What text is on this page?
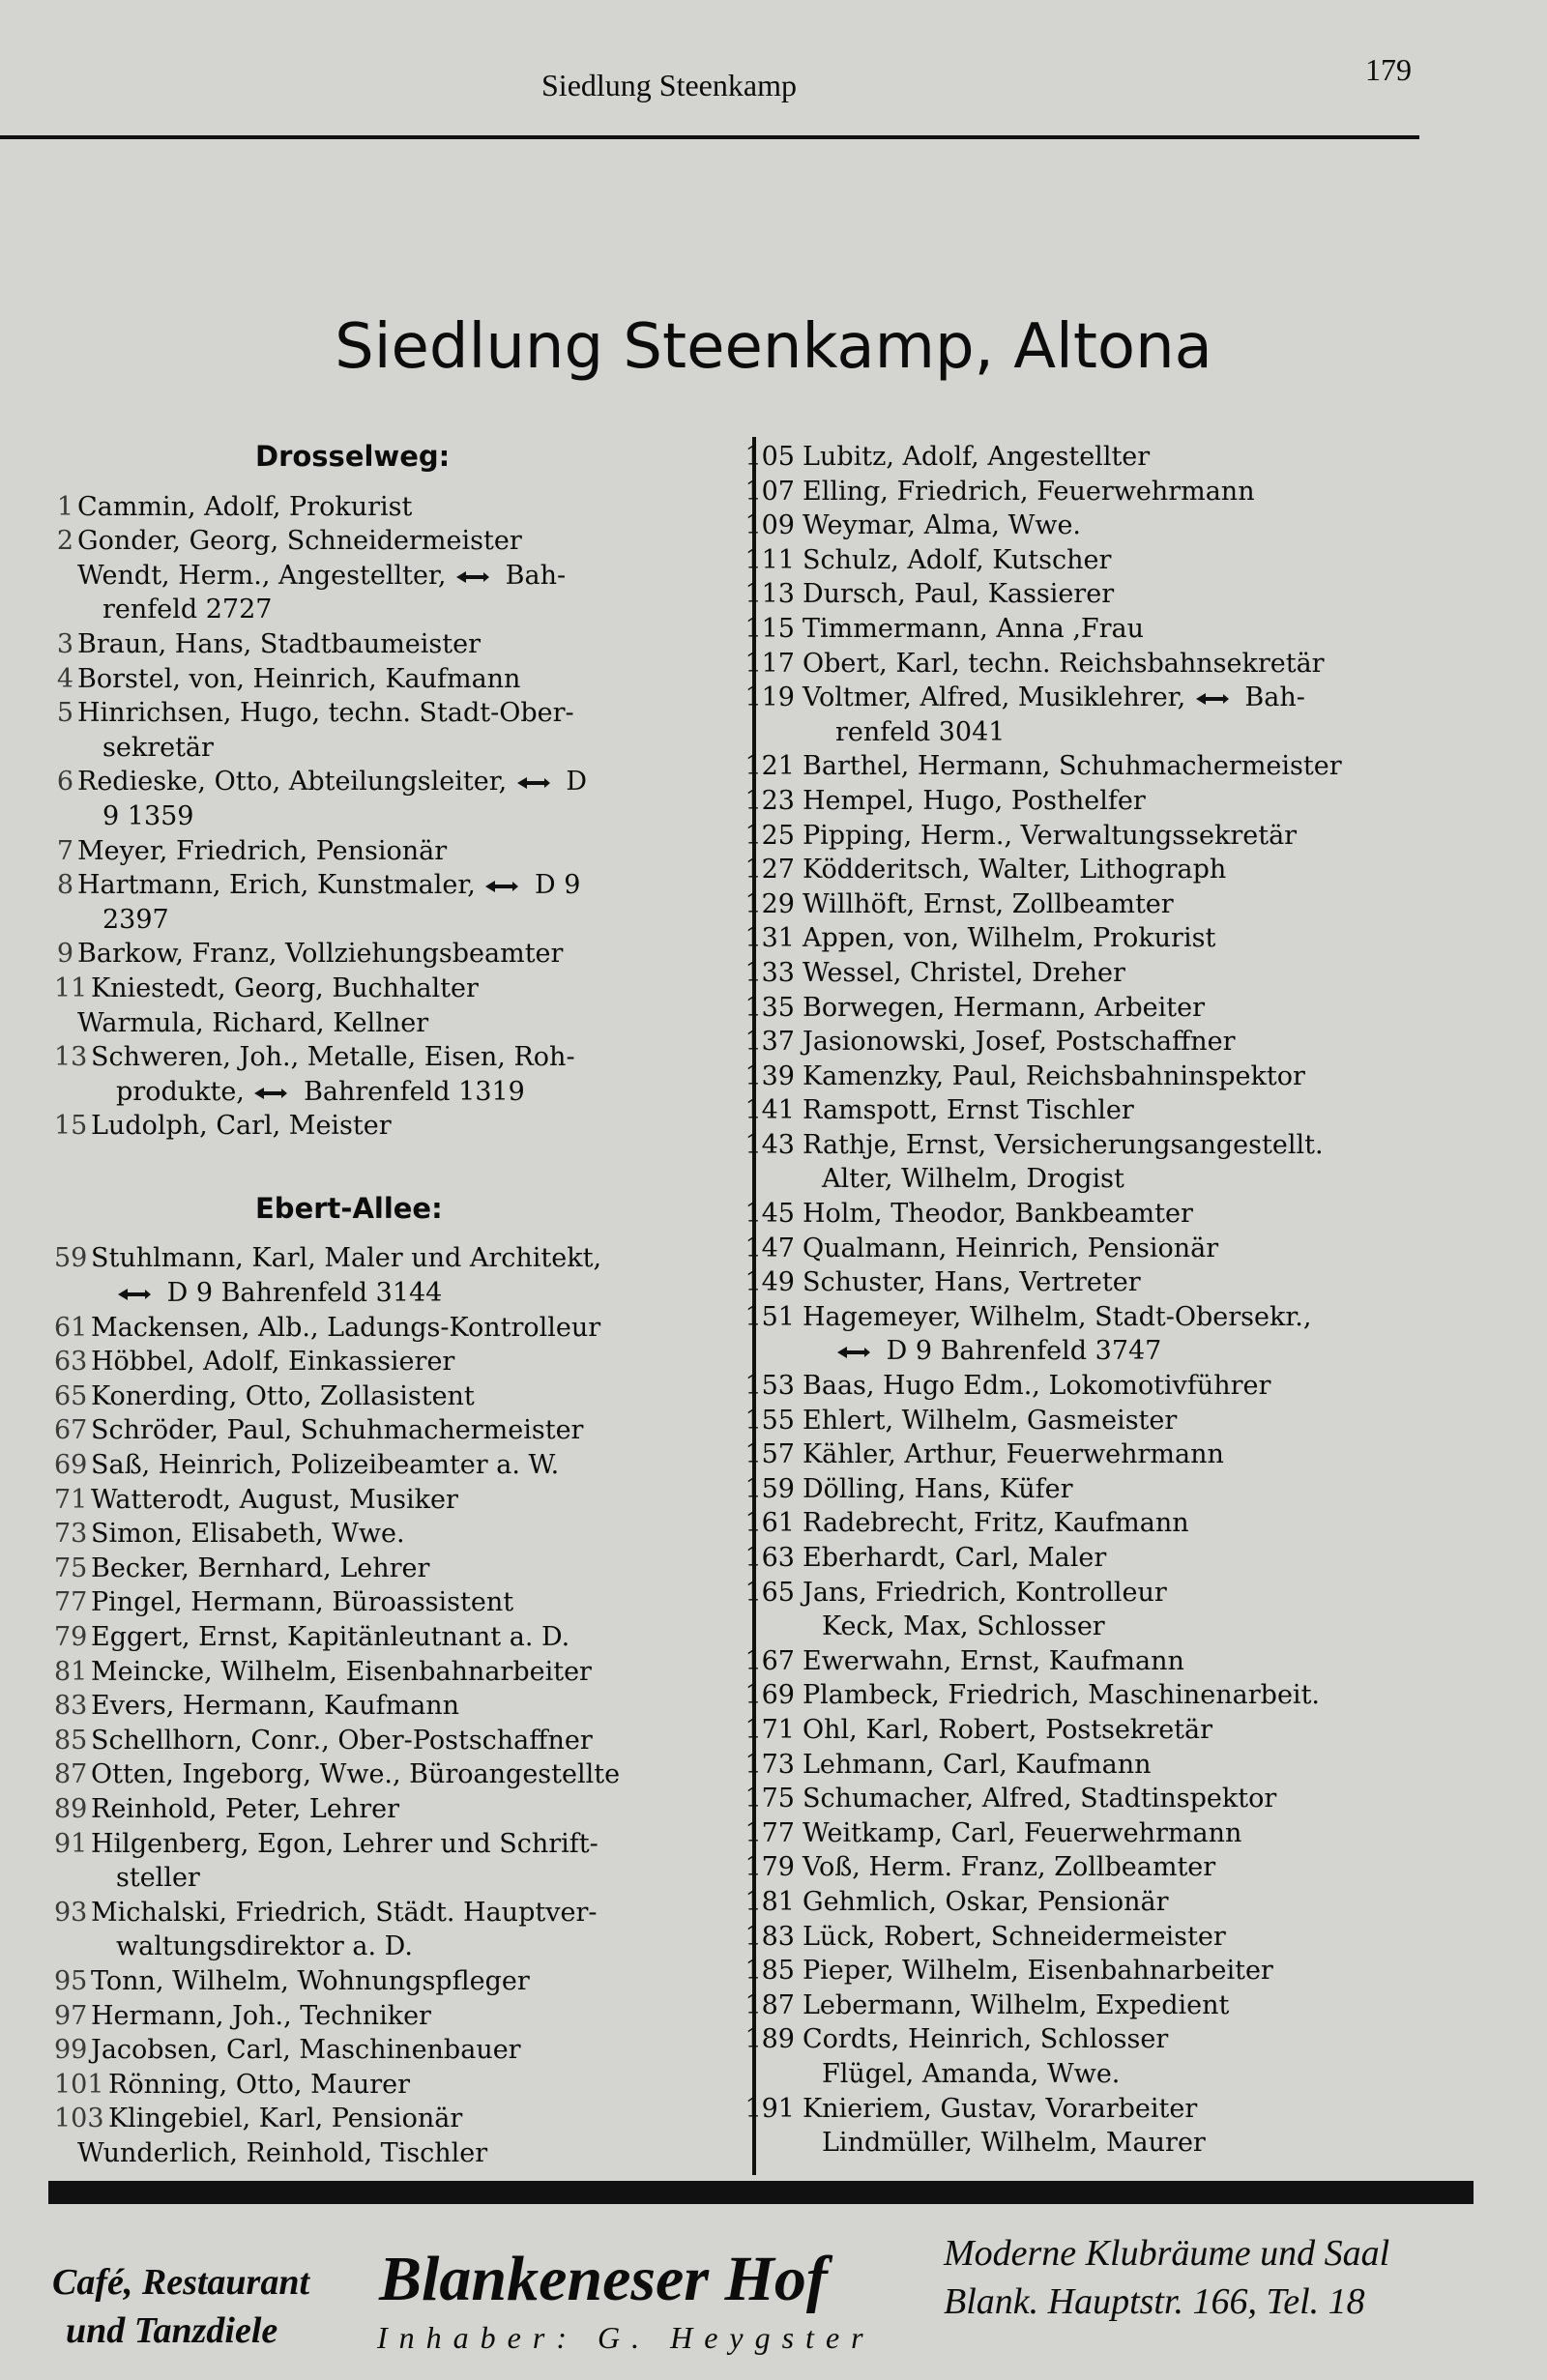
Siedlung Steenkamp	179
Siedlung Steenkamp, Altona
Drosselweg:
1 Cammin, Adolf, Prokurist
2 Gonder, Georg, Schneidermeister
Wendt, Herm., Angestellter,  Bah-
renfeld 2727
3 Braun, Hans, Stadtbaumeister
4 Borstel, von, Heinrich, Kaufmann
5 Hinrichsen, Hugo, techn. Stadt-Ober-
sekretär
6 Redieske, Otto, Abteilungsleiter,  D
9 1359
7 Meyer, Friedrich, Pensionär
8 Hartmann, Erich, Kunstmaler,  D 9
2397
9 Barkow, Franz, Vollziehungsbeamter
11 Kniestedt, Georg, Buchhalter
Warmula, Richard, Kellner
13 Schweren, Joh., Metalle, Eisen, Roh-
produkte,  Bahrenfeld 1319
15 Ludolph, Carl, Meister
Ebert-Allee:
59 Stuhlmann, Karl, Maler und Architekt,
D 9 Bahrenfeld 3144
61 Mackensen, Alb., Ladungs-Kontrolleur
63 Höbbel, Adolf, Einkassierer
65 Konerding, Otto, Zollasistent
67 Schröder, Paul, Schuhmachermeister
69 Saß, Heinrich, Polizeibeamter a. W.
71 Watterodt, August, Musiker
73 Simon, Elisabeth, Wwe.
75 Becker, Bernhard, Lehrer
77 Pingel, Hermann, Büroassistent
79 Eggert, Ernst, Kapitänleutnant a. D.
81 Meincke, Wilhelm, Eisenbahnarbeiter
83 Evers, Hermann, Kaufmann
85 Schellhorn, Conr., Ober-Postschaffner
87 Otten, Ingeborg, Wwe., Büroangestellte
89 Reinhold, Peter, Lehrer
91 Hilgenberg, Egon, Lehrer und Schrift-
steller
93 Michalski, Friedrich, Städt. Hauptver-
waltungsdirektor a. D.
95 Tonn, Wilhelm, Wohnungspfleger
97 Hermann, Joh., Techniker
99 Jacobsen, Carl, Maschinenbauer
101 Rönning, Otto, Maurer
103 Klingebiel, Karl, Pensionär
Wunderlich, Reinhold, Tischler
105 Lubitz, Adolf, Angestellter
107 Elling, Friedrich, Feuerwehrmann
109 Weymar, Alma, Wwe.
111 Schulz, Adolf, Kutscher
113 Dursch, Paul, Kassierer
115 Timmermann, Anna ,Frau
117 Obert, Karl, techn. Reichsbahnsekretär
119 Voltmer, Alfred, Musiklehrer,  Bah-
renfeld 3041
121 Barthel, Hermann, Schuhmachermeister
123 Hempel, Hugo, Posthelfer
125 Pipping, Herm., Verwaltungssekretär
127 Ködderitsch, Walter, Lithograph
129 Willhöft, Ernst, Zollbeamter
131 Appen, von, Wilhelm, Prokurist
133 Wessel, Christel, Dreher
135 Borwegen, Hermann, Arbeiter
137 Jasionowski, Josef, Postschaffner
139 Kamenzky, Paul, Reichsbahninspektor
141 Ramspott, Ernst Tischler
143 Rathje, Ernst, Versicherungsangestellt.
Alter, Wilhelm, Drogist
145 Holm, Theodor, Bankbeamter
147 Qualmann, Heinrich, Pensionär
149 Schuster, Hans, Vertreter
151 Hagemeyer, Wilhelm, Stadt-Obersekr.,
D 9 Bahrenfeld 3747
153 Baas, Hugo Edm., Lokomotivführer
155 Ehlert, Wilhelm, Gasmeister
157 Kähler, Arthur, Feuerwehrmann
159 Dölling, Hans, Küfer
161 Radebrecht, Fritz, Kaufmann
163 Eberhardt, Carl, Maler
165 Jans, Friedrich, Kontrolleur
Keck, Max, Schlosser
167 Ewerwahn, Ernst, Kaufmann
169 Plambeck, Friedrich, Maschinenarbeit.
171 Ohl, Karl, Robert, Postsekretär
173 Lehmann, Carl, Kaufmann
175 Schumacher, Alfred, Stadtinspektor
177 Weitkamp, Carl, Feuerwehrmann
179 Voß, Herm. Franz, Zollbeamter
181 Gehmlich, Oskar, Pensionär
183 Lück, Robert, Schneidermeister
185 Pieper, Wilhelm, Eisenbahnarbeiter
187 Lebermann, Wilhelm, Expedient
189 Cordts, Heinrich, Schlosser
Flügel, Amanda, Wwe.
191 Knieriem, Gustav, Vorarbeiter
Lindmüller, Wilhelm, Maurer
Café, Restaurant
und Tanzdiele
Blankeneser Hof
Inhaber: G. Heygster
Moderne Klubräume und Saal
Blank. Hauptstr. 166, Tel. 18
